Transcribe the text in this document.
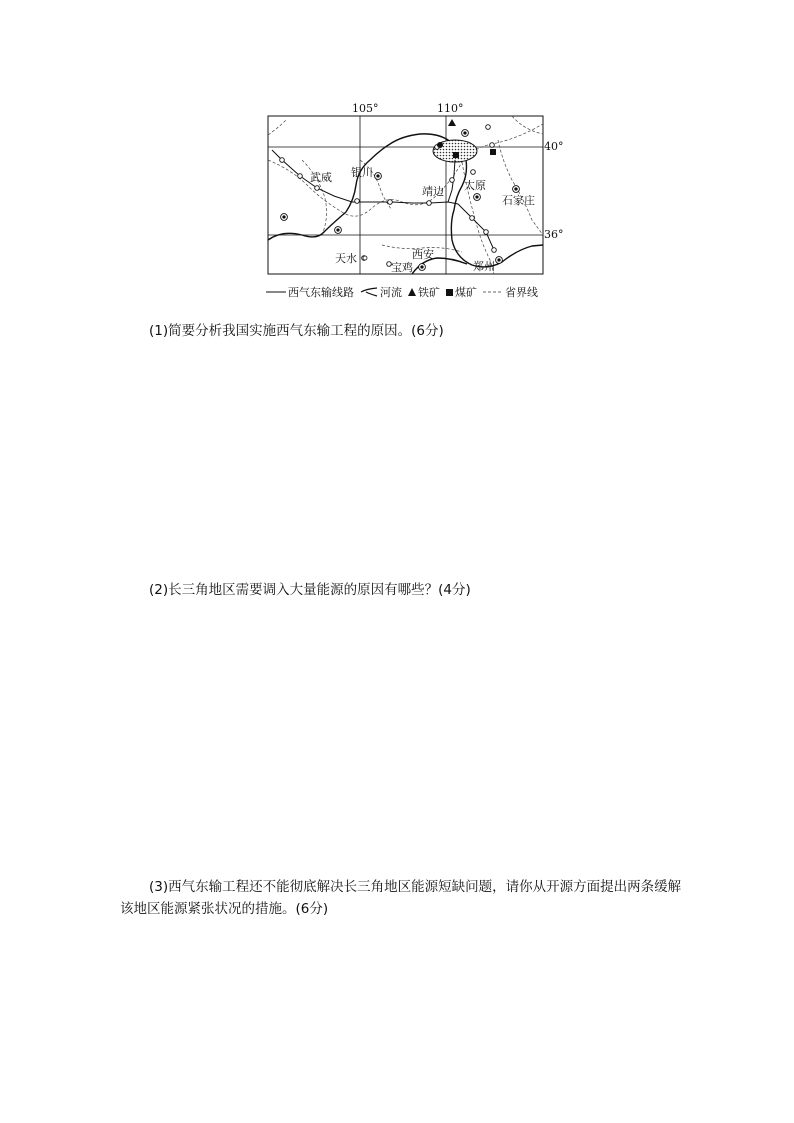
105°	110°
40°
36°
武威 银川
靖边 太原
石家庄
天水	西安
宝鸡	郑州
西气东输线路 河流 铁矿 煤矿	省界线
(1)简要分析我国实施西气东输工程的原因。(6分)
(2)长三角地区需要调入大量能源的原因有哪些？(4分)
(3)西气东输工程还不能彻底解决长三角地区能源短缺问题，请你从开源方面提出两条缓解该地区能源紧张状况的措施。(6分)
